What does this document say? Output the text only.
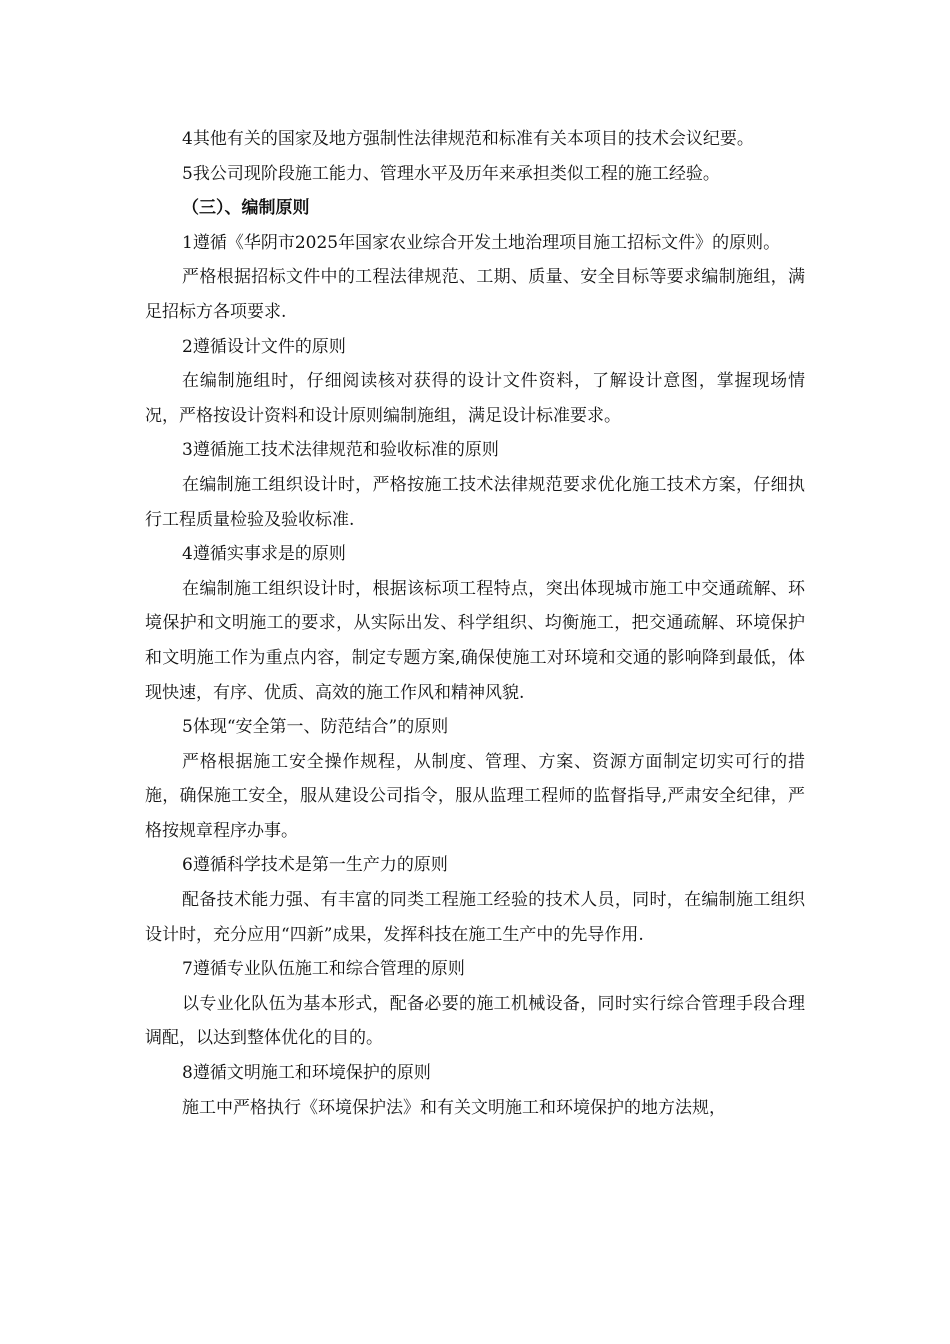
4其他有关的国家及地方强制性法律规范和标准有关本项目的技术会议纪要。

5我公司现阶段施工能力、管理水平及历年来承担类似工程的施工经验。

（三）、编制原则

1遵循《华阴市2025年国家农业综合开发土地治理项目施工招标文件》的原则。

严格根据招标文件中的工程法律规范、工期、质量、安全目标等要求编制施组，满足招标方各项要求.

2遵循设计文件的原则

在编制施组时，仔细阅读核对获得的设计文件资料，了解设计意图，掌握现场情况，严格按设计资料和设计原则编制施组，满足设计标准要求。

3遵循施工技术法律规范和验收标准的原则

在编制施工组织设计时，严格按施工技术法律规范要求优化施工技术方案，仔细执行工程质量检验及验收标准.

4遵循实事求是的原则

在编制施工组织设计时，根据该标项工程特点，突出体现城市施工中交通疏解、环境保护和文明施工的要求，从实际出发、科学组织、均衡施工，把交通疏解、环境保护和文明施工作为重点内容，制定专题方案,确保使施工对环境和交通的影响降到最低，体现快速，有序、优质、高效的施工作风和精神风貌.

5体现“安全第一、防范结合”的原则

严格根据施工安全操作规程，从制度、管理、方案、资源方面制定切实可行的措施，确保施工安全，服从建设公司指令，服从监理工程师的监督指导,严肃安全纪律，严格按规章程序办事。

6遵循科学技术是第一生产力的原则

配备技术能力强、有丰富的同类工程施工经验的技术人员，同时，在编制施工组织设计时，充分应用“四新”成果，发挥科技在施工生产中的先导作用.

7遵循专业队伍施工和综合管理的原则

以专业化队伍为基本形式，配备必要的施工机械设备，同时实行综合管理手段合理调配，以达到整体优化的目的。

8遵循文明施工和环境保护的原则

施工中严格执行《环境保护法》和有关文明施工和环境保护的地方法规，
